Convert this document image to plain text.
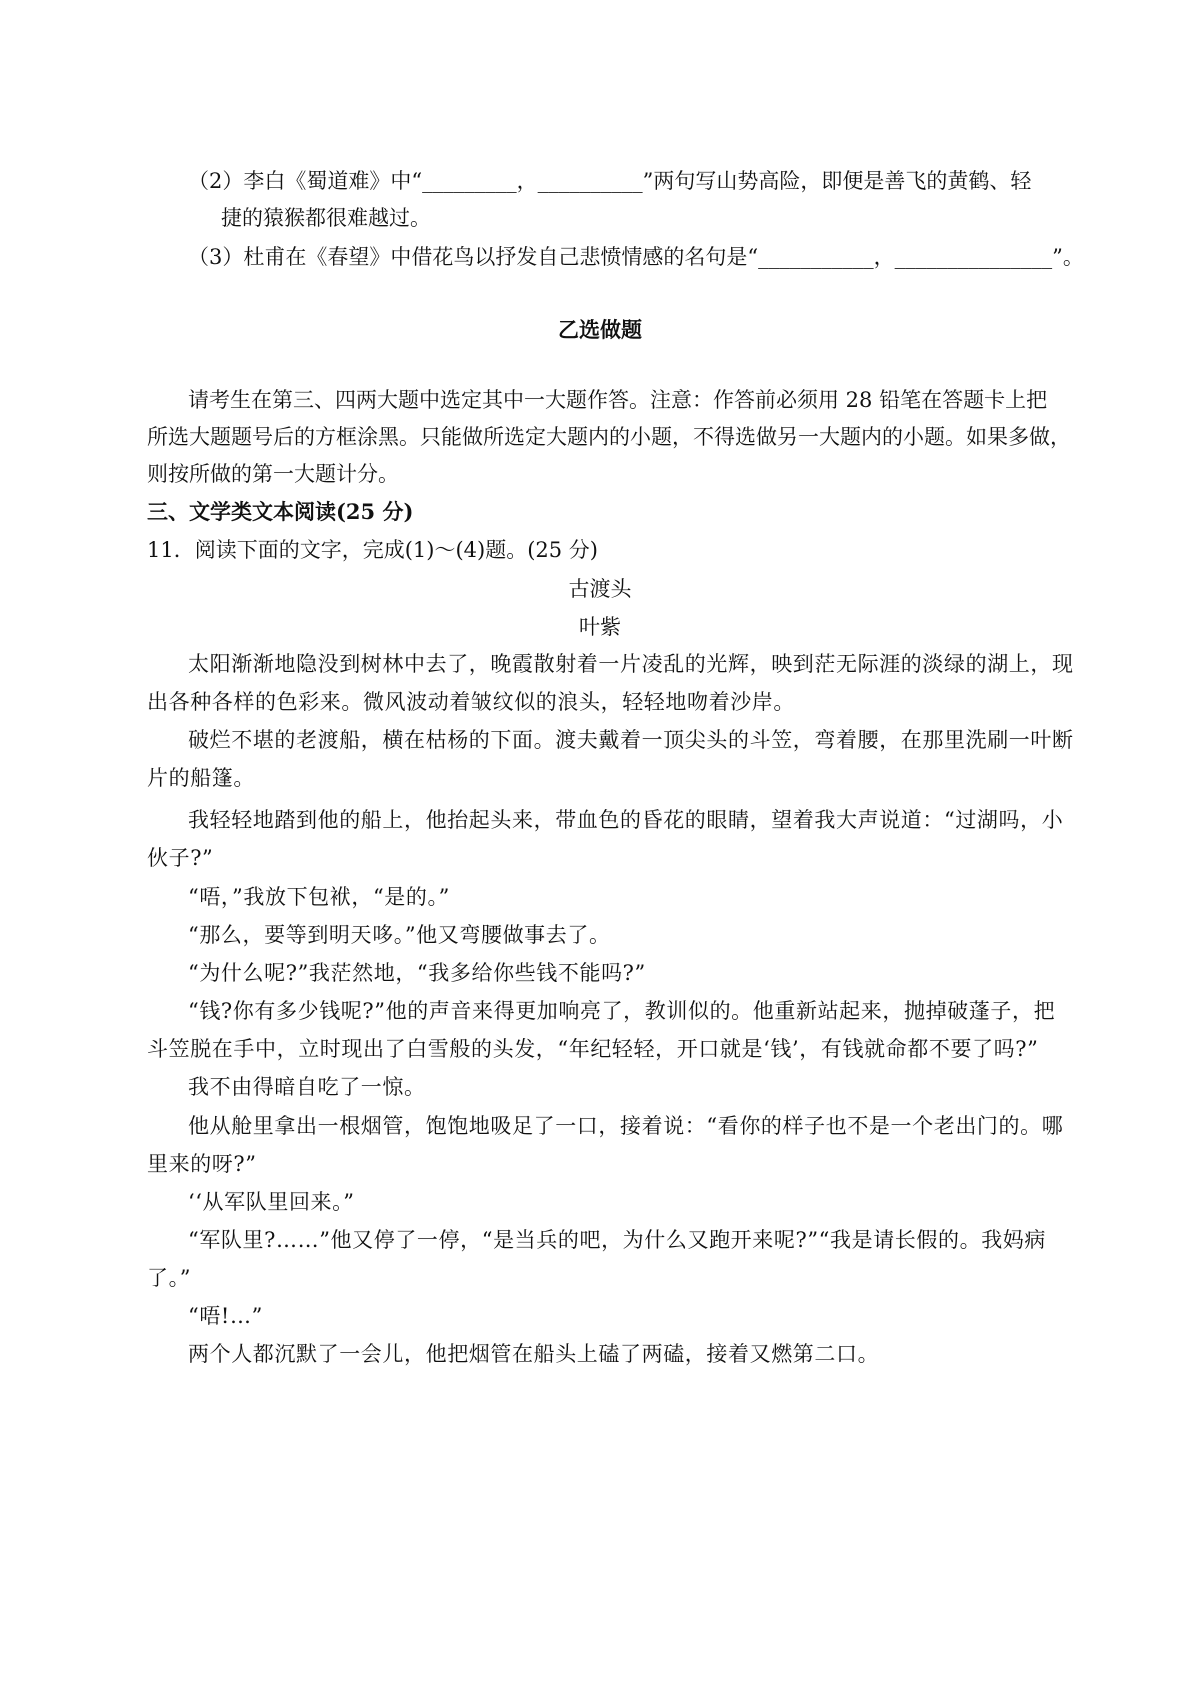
（2）李白《蜀道难》中“_________，__________”两句写山势高险，即便是善飞的黄鹤、轻
捷的猿猴都很难越过。
（3）杜甫在《春望》中借花鸟以抒发自己悲愤情感的名句是“___________，_______________”。
乙选做题
请考生在第三、四两大题中选定其中一大题作答。注意：作答前必须用 28 铅笔在答题卡上把
所选大题题号后的方框涂黑。只能做所选定大题内的小题，不得选做另一大题内的小题。如果多做，
则按所做的第一大题计分。
三、文学类文本阅读(25 分)
11．阅读下面的文字，完成(1)～(4)题。(25 分)
古渡头
叶紫
太阳渐渐地隐没到树林中去了，晚霞散射着一片凌乱的光辉，映到茫无际涯的淡绿的湖上，现
出各种各样的色彩来。微风波动着皱纹似的浪头，轻轻地吻着沙岸。
破烂不堪的老渡船，横在枯杨的下面。渡夫戴着一顶尖头的斗笠，弯着腰，在那里洗刷一叶断
片的船篷。
我轻轻地踏到他的船上，他抬起头来，带血色的昏花的眼睛，望着我大声说道：“过湖吗，小
伙子?”
“唔，”我放下包袱，“是的。”
“那么，要等到明天哆。”他又弯腰做事去了。
“为什么呢?”我茫然地，“我多给你些钱不能吗?”
“钱?你有多少钱呢?”他的声音来得更加响亮了，教训似的。他重新站起来，抛掉破蓬子，把
斗笠脱在手中，立时现出了白雪般的头发，“年纪轻轻，开口就是‘钱’，有钱就命都不要了吗?”
我不由得暗自吃了一惊。
他从舱里拿出一根烟管，饱饱地吸足了一口，接着说：“看你的样子也不是一个老出门的。哪
里来的呀?”
‘‘从军队里回来。”
“军队里?……”他又停了一停，“是当兵的吧，为什么又跑开来呢?”“我是请长假的。我妈病
了。”
“唔!…”
两个人都沉默了一会儿，他把烟管在船头上磕了两磕，接着又燃第二口。
